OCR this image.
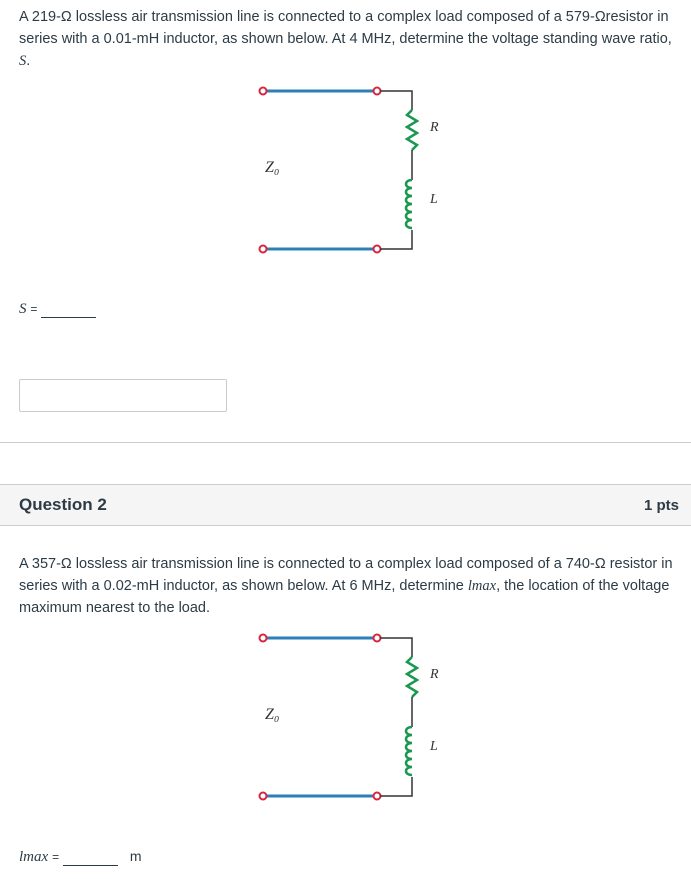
A 219-Ω lossless air transmission line is connected to a complex load composed of a 579-Ωresistor in series with a 0.01-mH inductor, as shown below. At 4 MHz, determine the voltage standing wave ratio, S.
Z₀
R
L
S =
Question 2	1 pts
A 357-Ω lossless air transmission line is connected to a complex load composed of a 740-Ω resistor in series with a 0.02-mH inductor, as shown below. At 6 MHz, determine lmax, the location of the voltage maximum nearest to the load.
Z₀
R
L
lmax =	m
